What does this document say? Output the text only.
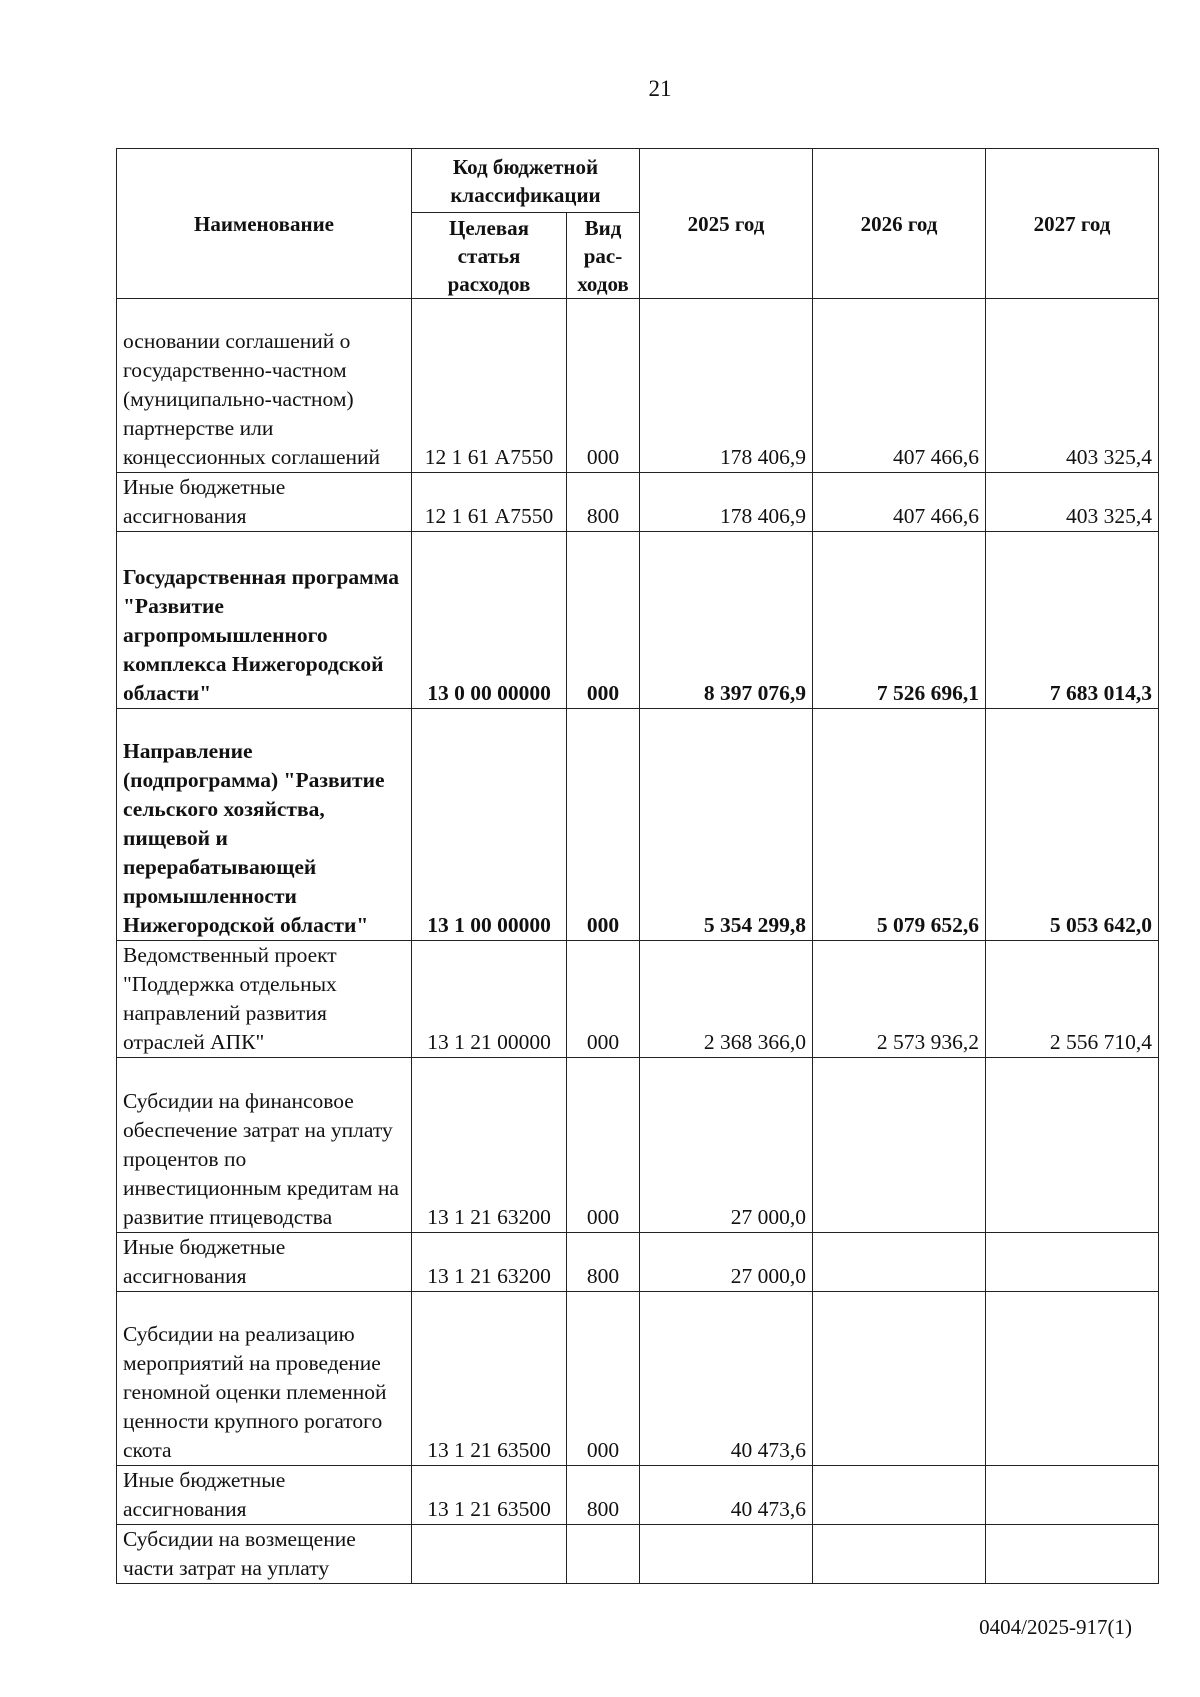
21
Наименование	Код бюджетной классификации		2025 год	2026 год	2027 год
	Целевая статья расходов	Вид рас-ходов			
основании соглашений о государственно-частном (муниципально-частном) партнерстве или концессионных соглашений	12 1 61 А7550	000	178 406,9	407 466,6	403 325,4
Иные бюджетные ассигнования	12 1 61 А7550	800	178 406,9	407 466,6	403 325,4
Государственная программа "Развитие агропромышленного комплекса Нижегородской области"	13 0 00 00000	000	8 397 076,9	7 526 696,1	7 683 014,3
Направление (подпрограмма) "Развитие сельского хозяйства, пищевой и перерабатывающей промышленности Нижегородской области"	13 1 00 00000	000	5 354 299,8	5 079 652,6	5 053 642,0
Ведомственный проект "Поддержка отдельных направлений развития отраслей АПК"	13 1 21 00000	000	2 368 366,0	2 573 936,2	2 556 710,4
Субсидии на финансовое обеспечение затрат на уплату процентов по инвестиционным кредитам на развитие птицеводства	13 1 21 63200	000	27 000,0		
Иные бюджетные ассигнования	13 1 21 63200	800	27 000,0		
Субсидии на реализацию мероприятий на проведение геномной оценки племенной ценности крупного рогатого скота	13 1 21 63500	000	40 473,6		
Иные бюджетные ассигнования	13 1 21 63500	800	40 473,6		
Субсидии на возмещение части затрат на уплату					
0404/2025-917(1)
